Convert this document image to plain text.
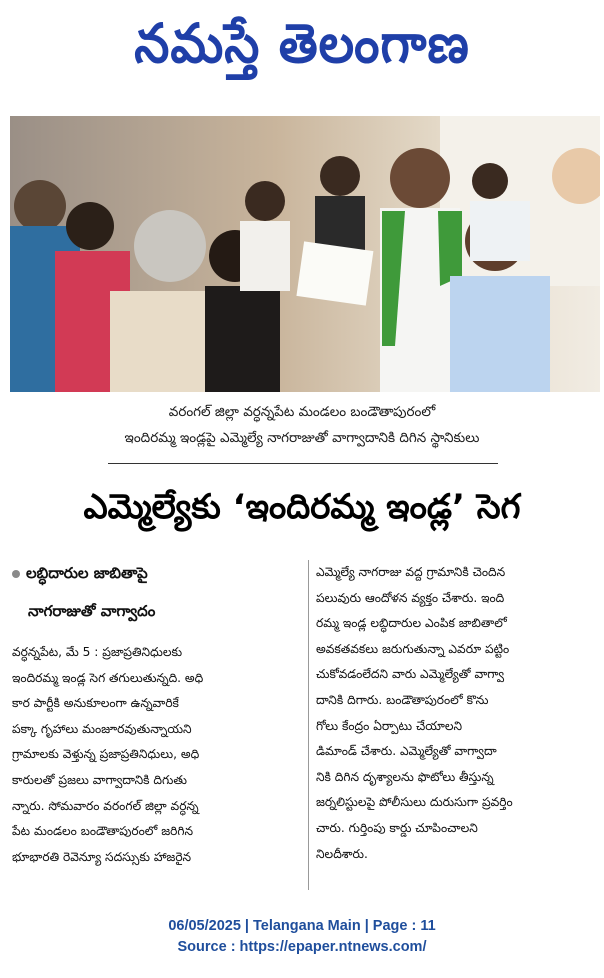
నమస్తే తెలంగాణ
వరంగల్ జిల్లా వర్ధన్నపేట మండలం బండౌతాపురంలో
ఇందిరమ్మ ఇండ్లపై ఎమ్మెల్యే నాగరాజుతో వాగ్వాదానికి దిగిన స్థానికులు
ఎమ్మెల్యేకు ‘ఇందిరమ్మ ఇండ్ల’ సెగ
లబ్ధిదారుల జాబితాపై
నాగరాజుతో వాగ్వాదం
వర్ధన్నపేట, మే 5 : ప్రజాప్రతినిధులకు
ఇందిరమ్మ ఇండ్ల సెగ తగులుతున్నది. అధి
కార పార్టీకి అనుకూలంగా ఉన్నవారికే
పక్కా గృహాలు మంజూరవుతున్నాయని
గ్రామాలకు వెళ్తున్న ప్రజాప్రతినిధులు, అధి
కారులతో ప్రజలు వాగ్వాదానికి దిగుతు
న్నారు. సోమవారం వరంగల్ జిల్లా వర్ధన్న
పేట మండలం బండౌతాపురంలో జరిగిన
భూభారతి రెవెన్యూ సదస్సుకు హాజరైన
ఎమ్మెల్యే నాగరాజు వద్ద గ్రామానికి చెందిన
పలువురు ఆందోళన వ్యక్తం చేశారు. ఇంది
రమ్మ ఇండ్ల లబ్ధిదారుల ఎంపిక జాబితాలో
అవకతవకలు జరుగుతున్నా ఎవరూ పట్టిం
చుకోవడంలేదని వారు ఎమ్మెల్యేతో వాగ్వా
దానికి దిగారు. బండౌతాపురంలో కొను
గోలు కేంద్రం ఏర్పాటు చేయాలని
డిమాండ్ చేశారు. ఎమ్మెల్యేతో వాగ్వాదా
నికి దిగిన దృశ్యాలను ఫొటోలు తీస్తున్న
జర్నలిస్టులపై పోలీసులు దురుసుగా ప్రవర్తిం
చారు. గుర్తింపు కార్డు చూపించాలని
నిలదీశారు.
06/05/2025 | Telangana Main | Page : 11
Source : https://epaper.ntnews.com/
